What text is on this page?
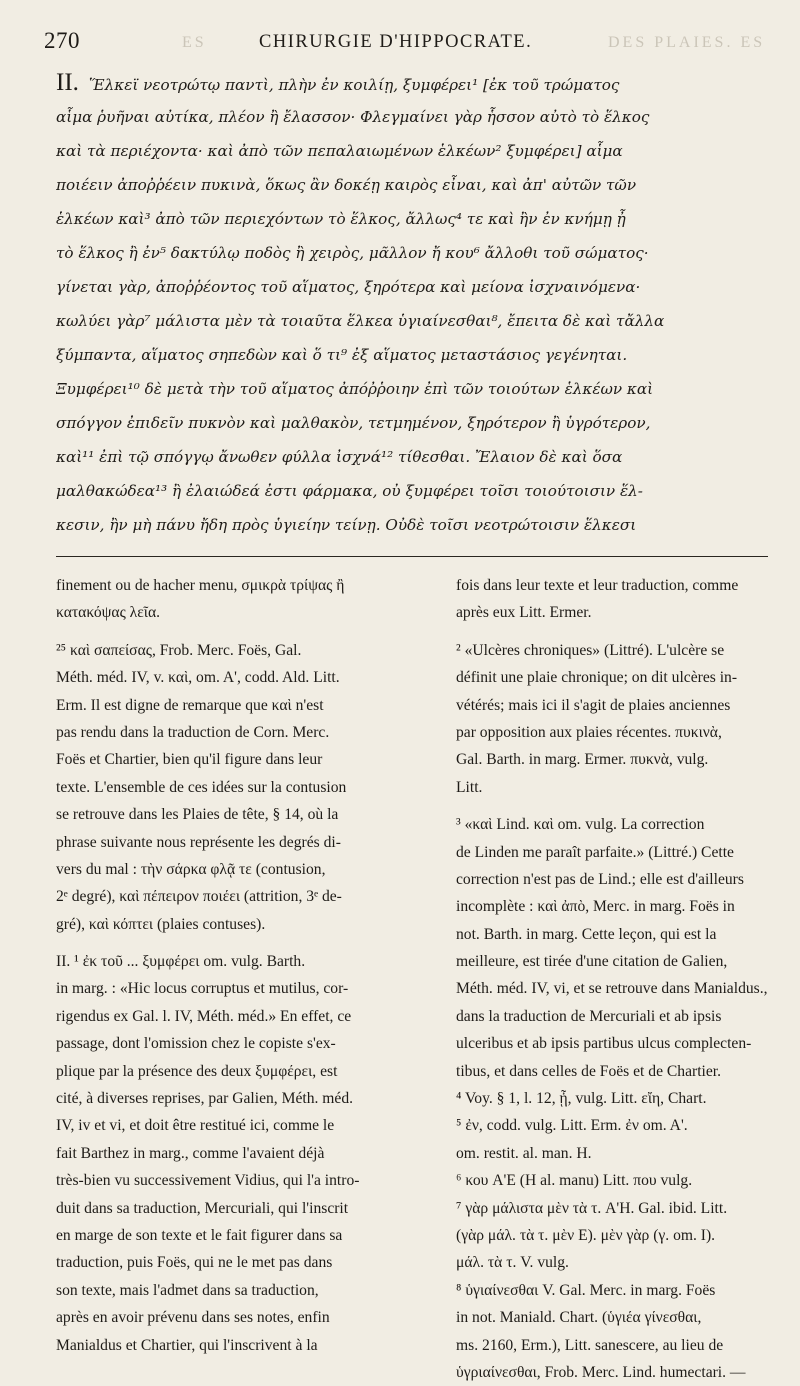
270	CHIRURGIE D'HIPPOCRATE.
ES	DES PLAIES. ES
II. Ἕλκεϊ νεοτρώτῳ παντὶ, πλὴν ἐν κοιλίῃ, ξυμφέρει¹ [ἐκ τοῦ τρώματος
αἷμα ῥυῆναι αὐτίκα, πλέον ἢ ἔλασσον· Φλεγμαίνει γὰρ ἧσσον αὐτὸ τὸ ἕλκος
καὶ τὰ περιέχοντα· καὶ ἀπὸ τῶν πεπαλαιωμένων ἑλκέων² ξυμφέρει] αἷμα
ποιέειν ἀποῤῥέειν πυκινὰ, ὅκως ἂν δοκέῃ καιρὸς εἶναι, καὶ ἀπ' αὐτῶν τῶν
ἑλκέων καὶ³ ἀπὸ τῶν περιεχόντων τὸ ἕλκος, ἄλλως⁴ τε καὶ ἢν ἐν κνήμῃ ᾖ
τὸ ἕλκος ἢ ἐν⁵ δακτύλῳ ποδὸς ἢ χειρὸς, μᾶλλον ἤ κου⁶ ἄλλοθι τοῦ σώματος·
γίνεται γὰρ, ἀποῤῥέοντος τοῦ αἵματος, ξηρότερα καὶ μείονα ἰσχναινόμενα·
κωλύει γὰρ⁷ μάλιστα μὲν τὰ τοιαῦτα ἕλκεα ὑγιαίνεσθαι⁸, ἔπειτα δὲ καὶ τἄλλα
ξύμπαντα, αἵματος σηπεδὼν καὶ ὅ τι⁹ ἐξ αἵματος μεταστάσιος γεγένηται.
Ξυμφέρει¹⁰ δὲ μετὰ τὴν τοῦ αἵματος ἀπόῤῥοιην ἐπὶ τῶν τοιούτων ἑλκέων καὶ
σπόγγον ἐπιδεῖν πυκνὸν καὶ μαλθακὸν, τετμημένον, ξηρότερον ἢ ὑγρότερον,
καὶ¹¹ ἐπὶ τῷ σπόγγῳ ἄνωθεν φύλλα ἰσχνά¹² τίθεσθαι. Ἔλαιον δὲ καὶ ὅσα
μαλθακώδεα¹³ ἢ ἐλαιώδεά ἐστι φάρμακα, οὐ ξυμφέρει τοῖσι τοιούτοισιν ἕλ-
κεσιν, ἢν μὴ πάνυ ἤδη πρὸς ὑγιείην τείνῃ. Οὐδὲ τοῖσι νεοτρώτοισιν ἕλκεσι
finement ou de hacher menu, σμικρὰ τρίψας ἢ
κατακόψας λεῖα.
²⁵ καὶ σαπείσας, Frob. Merc. Foës, Gal.
Méth. méd. IV, v. καὶ, om. A', codd. Ald. Litt.
Erm. Il est digne de remarque que καὶ n'est
pas rendu dans la traduction de Corn. Merc.
Foës et Chartier, bien qu'il figure dans leur
texte. L'ensemble de ces idées sur la contusion
se retrouve dans les Plaies de tête, § 14, où la
phrase suivante nous représente les degrés di-
vers du mal : τὴν σάρκα φλᾷ τε (contusion,
2ᵉ degré), καὶ πέπειρον ποιέει (attrition, 3ᵉ de-
gré), καὶ κόπτει (plaies contuses).
II. ¹ ἐκ τοῦ ... ξυμφέρει om. vulg. Barth.
in marg. : «Hic locus corruptus et mutilus, cor-
rigendus ex Gal. l. IV, Méth. méd.» En effet, ce
passage, dont l'omission chez le copiste s'ex-
plique par la présence des deux ξυμφέρει, est
cité, à diverses reprises, par Galien, Méth. méd.
IV, iv et vi, et doit être restitué ici, comme le
fait Barthez in marg., comme l'avaient déjà
très-bien vu successivement Vidius, qui l'a intro-
duit dans sa traduction, Mercuriali, qui l'inscrit
en marge de son texte et le fait figurer dans sa
traduction, puis Foës, qui ne le met pas dans
son texte, mais l'admet dans sa traduction,
après en avoir prévenu dans ses notes, enfin
Manialdus et Chartier, qui l'inscrivent à la
fois dans leur texte et leur traduction, comme
après eux Litt. Ermer.
² «Ulcères chroniques» (Littré). L'ulcère se
définit une plaie chronique; on dit ulcères in-
vétérés; mais ici il s'agit de plaies anciennes
par opposition aux plaies récentes. πυκινὰ,
Gal. Barth. in marg. Ermer. πυκνὰ, vulg.
Litt.
³ «καὶ Lind. καὶ om. vulg. La correction
de Linden me paraît parfaite.» (Littré.) Cette
correction n'est pas de Lind.; elle est d'ailleurs
incomplète : καὶ ἀπὸ, Merc. in marg. Foës in
not. Barth. in marg. Cette leçon, qui est la
meilleure, est tirée d'une citation de Galien,
Méth. méd. IV, vi, et se retrouve dans Manialdus.,
dans la traduction de Mercuriali et ab ipsis
ulceribus et ab ipsis partibus ulcus complecten-
tibus, et dans celles de Foës et de Chartier.
⁴ Voy. § 1, l. 12, ᾖ, vulg. Litt. εἴη, Chart.
⁵ ἐν, codd. vulg. Litt. Erm. ἐν om. A'.
om. restit. al. man. H.
⁶ κου A'E (H al. manu) Litt. που vulg.
⁷ γὰρ μάλιστα μὲν τὰ τ. A'H. Gal. ibid. Litt.
(γὰρ μάλ. τὰ τ. μὲν E). μὲν γὰρ (γ. om. I).
μάλ. τὰ τ. V. vulg.
⁸ ὑγιαίνεσθαι V. Gal. Merc. in marg. Foës
in not. Maniald. Chart. (ὑγιέα γίνεσθαι,
ms. 2160, Erm.), Litt. sanescere, au lieu de
ὑγριαίνεσθαι, Frob. Merc. Lind. humectari. —
